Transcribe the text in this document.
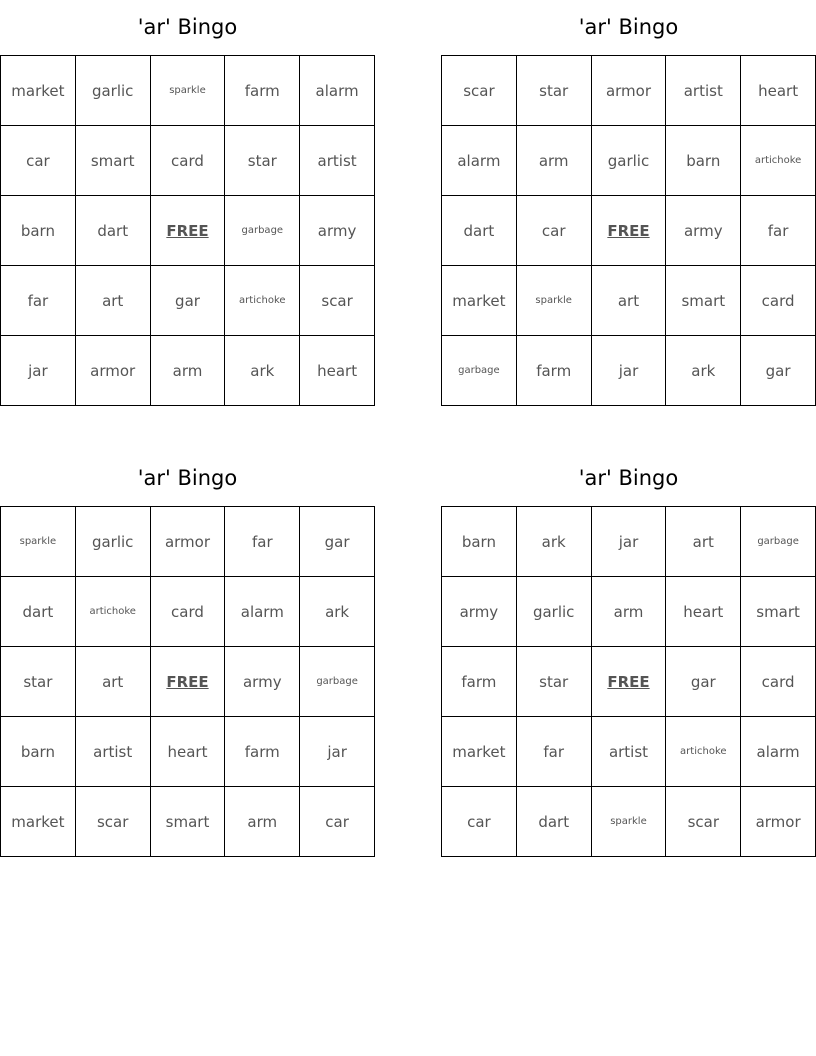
'ar' Bingo
market	garlic	sparkle	farm	alarm
car	smart	card	star	artist
barn	dart	FREE	garbage	army
far	art	gar	artichoke	scar
jar	armor	arm	ark	heart
'ar' Bingo
scar	star	armor	artist	heart
alarm	arm	garlic	barn	artichoke
dart	car	FREE	army	far
market	sparkle	art	smart	card
garbage	farm	jar	ark	gar
'ar' Bingo
sparkle	garlic	armor	far	gar
dart	artichoke	card	alarm	ark
star	art	FREE	army	garbage
barn	artist	heart	farm	jar
market	scar	smart	arm	car
'ar' Bingo
barn	ark	jar	art	garbage
army	garlic	arm	heart	smart
farm	star	FREE	gar	card
market	far	artist	artichoke	alarm
car	dart	sparkle	scar	armor
